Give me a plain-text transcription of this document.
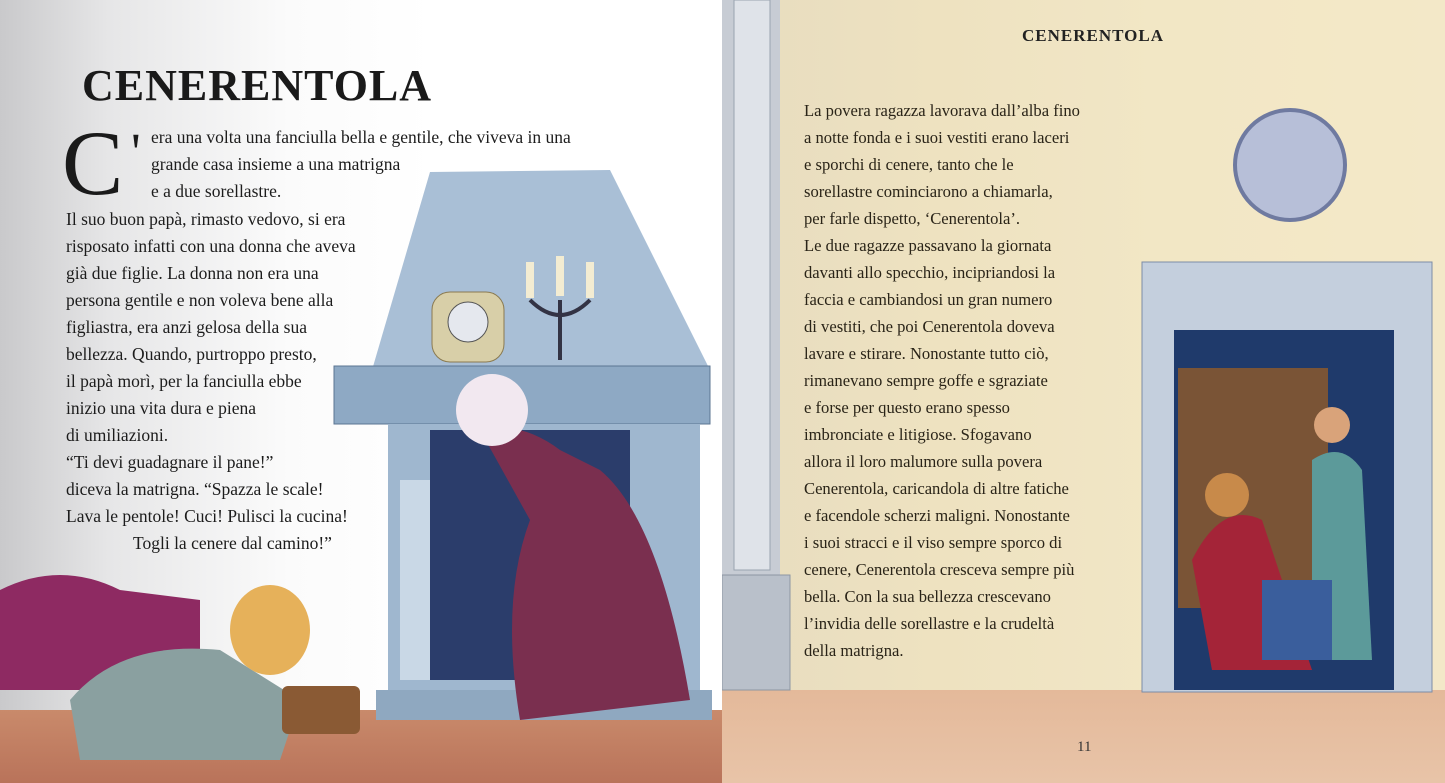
CENERENTOLA
C ' era una volta una fanciulla bella e gentile, che viveva in una
grande casa insieme a una matrigna
e a due sorellastre.
Il suo buon papà, rimasto vedovo, si era
risposato infatti con una donna che aveva
già due figlie. La donna non era una
persona gentile e non voleva bene alla
figliastra, era anzi gelosa della sua
bellezza. Quando, purtroppo presto,
il papà morì, per la fanciulla ebbe
inizio una vita dura e piena
di umiliazioni.
“Ti devi guadagnare il pane!”
diceva la matrigna. “Spazza le scale!
Lava le pentole! Cuci! Pulisci la cucina!
Togli la cenere dal camino!”
CENERENTOLA
La povera ragazza lavorava dall’alba fino
a notte fonda e i suoi vestiti erano laceri
e sporchi di cenere, tanto che le
sorellastre cominciarono a chiamarla,
per farle dispetto, ‘Cenerentola’.
Le due ragazze passavano la giornata
davanti allo specchio, incipriandosi la
faccia e cambiandosi un gran numero
di vestiti, che poi Cenerentola doveva
lavare e stirare. Nonostante tutto ciò,
rimanevano sempre goffe e sgraziate
e forse per questo erano spesso
imbronciate e litigiose. Sfogavano
allora il loro malumore sulla povera
Cenerentola, caricandola di altre fatiche
e facendole scherzi maligni. Nonostante
i suoi stracci e il viso sempre sporco di
cenere, Cenerentola cresceva sempre più
bella. Con la sua bellezza crescevano
l’invidia delle sorellastre e la crudeltà
della matrigna.
11
